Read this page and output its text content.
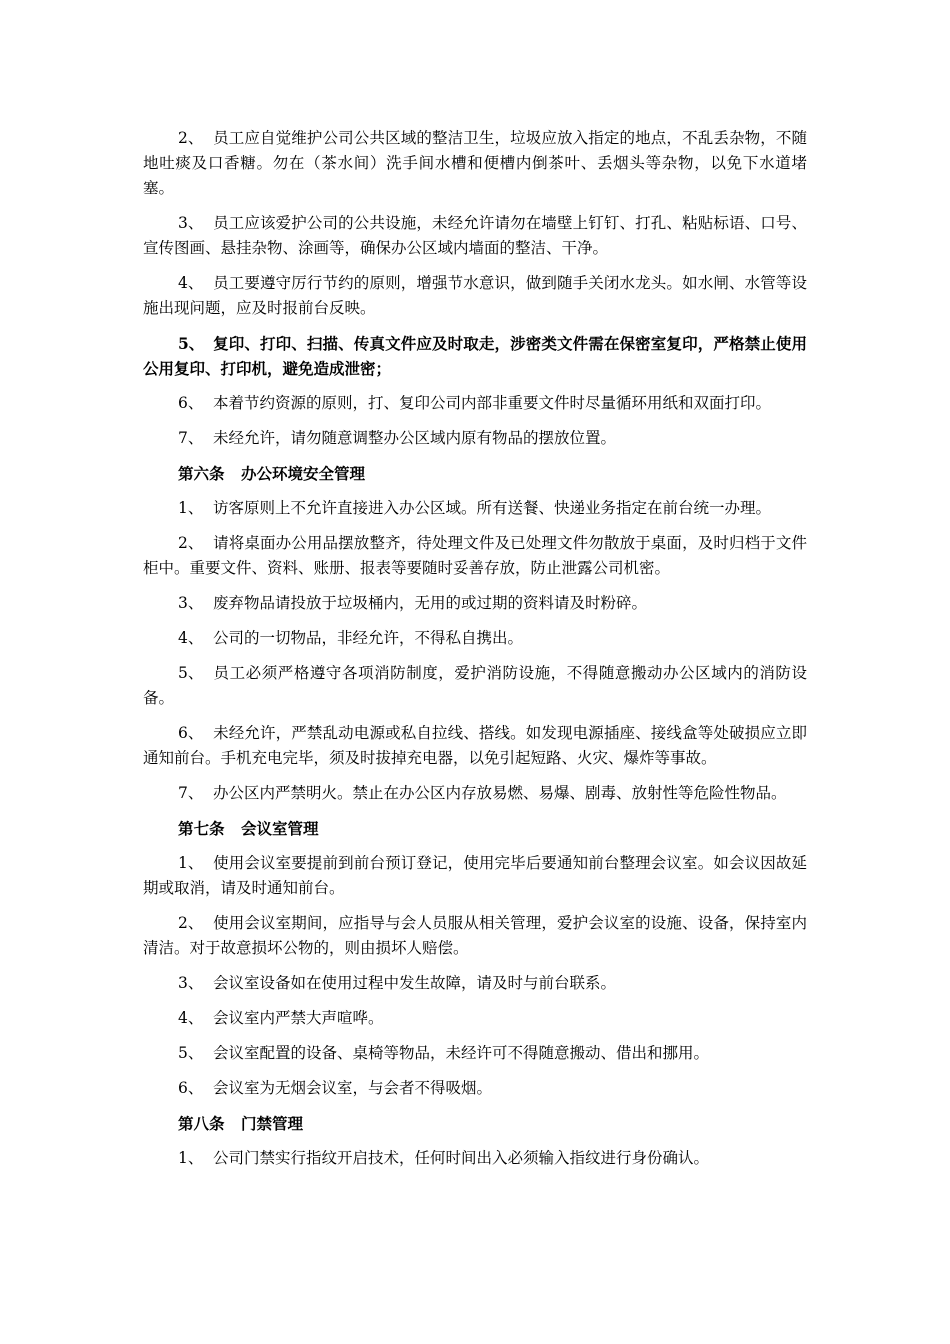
2、 员工应自觉维护公司公共区域的整洁卫生，垃圾应放入指定的地点，不乱丢杂物，不随地吐痰及口香糖。勿在（茶水间）洗手间水槽和便槽内倒茶叶、丢烟头等杂物，以免下水道堵塞。

3、 员工应该爱护公司的公共设施，未经允许请勿在墙壁上钉钉、打孔、粘贴标语、口号、宣传图画、悬挂杂物、涂画等，确保办公区域内墙面的整洁、干净。

4、 员工要遵守厉行节约的原则，增强节水意识，做到随手关闭水龙头。如水闸、水管等设施出现问题，应及时报前台反映。

5、 复印、打印、扫描、传真文件应及时取走，涉密类文件需在保密室复印，严格禁止使用公用复印、打印机，避免造成泄密；

6、 本着节约资源的原则，打、复印公司内部非重要文件时尽量循环用纸和双面打印。

7、 未经允许，请勿随意调整办公区域内原有物品的摆放位置。

第六条 办公环境安全管理

1、 访客原则上不允许直接进入办公区域。所有送餐、快递业务指定在前台统一办理。

2、 请将桌面办公用品摆放整齐，待处理文件及已处理文件勿散放于桌面，及时归档于文件柜中。重要文件、资料、账册、报表等要随时妥善存放，防止泄露公司机密。

3、 废弃物品请投放于垃圾桶内，无用的或过期的资料请及时粉碎。

4、 公司的一切物品，非经允许，不得私自携出。

5、 员工必须严格遵守各项消防制度，爱护消防设施，不得随意搬动办公区域内的消防设备。

6、 未经允许，严禁乱动电源或私自拉线、搭线。如发现电源插座、接线盒等处破损应立即通知前台。手机充电完毕，须及时拔掉充电器，以免引起短路、火灾、爆炸等事故。

7、 办公区内严禁明火。禁止在办公区内存放易燃、易爆、剧毒、放射性等危险性物品。

第七条 会议室管理

1、 使用会议室要提前到前台预订登记，使用完毕后要通知前台整理会议室。如会议因故延期或取消，请及时通知前台。

2、 使用会议室期间，应指导与会人员服从相关管理，爱护会议室的设施、设备，保持室内清洁。对于故意损坏公物的，则由损坏人赔偿。

3、 会议室设备如在使用过程中发生故障，请及时与前台联系。

4、 会议室内严禁大声喧哗。

5、 会议室配置的设备、桌椅等物品，未经许可不得随意搬动、借出和挪用。

6、 会议室为无烟会议室，与会者不得吸烟。

第八条 门禁管理

1、 公司门禁实行指纹开启技术，任何时间出入必须输入指纹进行身份确认。
